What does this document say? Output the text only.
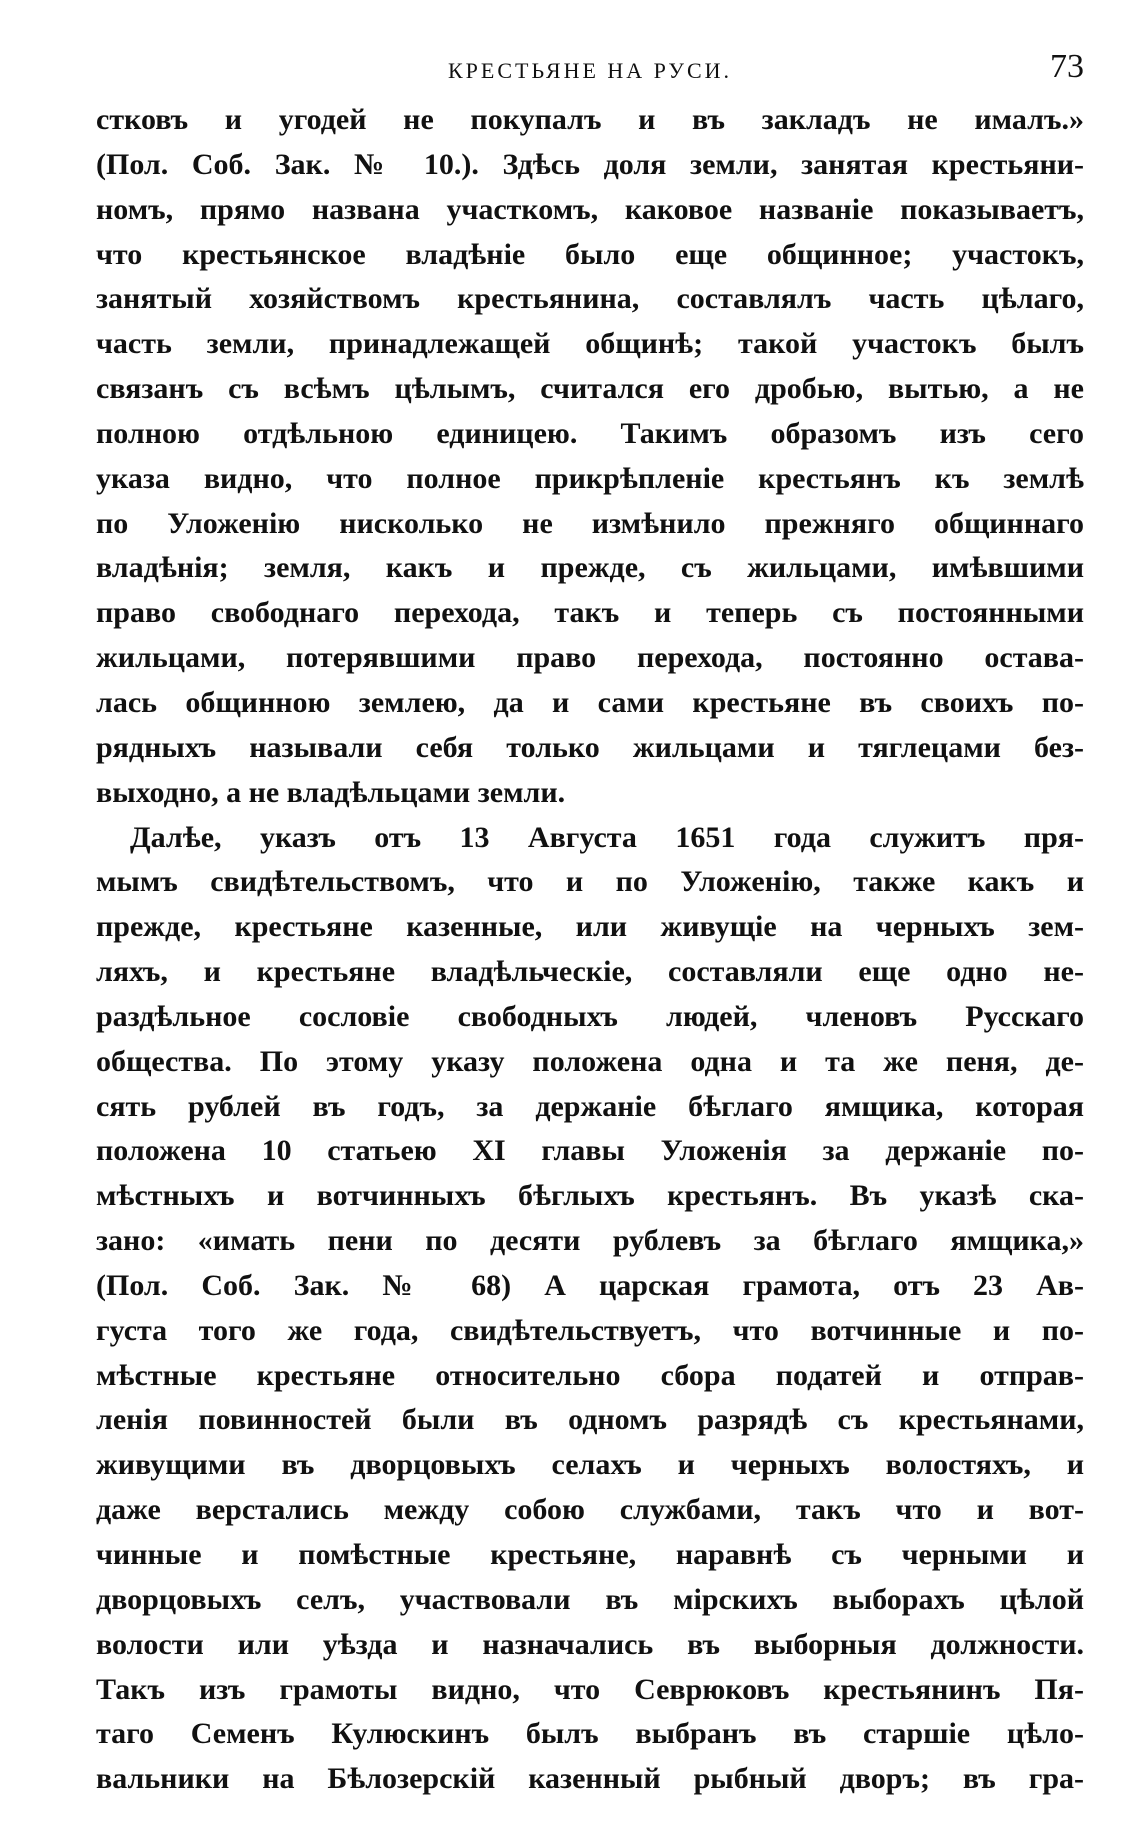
КРЕСТЬЯНЕ НА РУСИ.	73
стковъ и угодей не покупалъ и въ закладъ не ималъ.»
(Пол. Соб. Зак. № 10.). Здѣсь доля земли, занятая крестьяни-
номъ, прямо названа участкомъ, каковое названіе показываетъ,
что крестьянское владѣніе было еще общинное; участокъ,
занятый хозяйствомъ крестьянина, составлялъ часть цѣлаго,
часть земли, принадлежащей общинѣ; такой участокъ былъ
связанъ съ всѣмъ цѣлымъ, считался его дробью, вытью, а не
полною отдѣльною единицею. Такимъ образомъ изъ сего
указа видно, что полное прикрѣпленіе крестьянъ къ землѣ
по Уложенію нисколько не измѣнило прежняго общиннаго
владѣнія; земля, какъ и прежде, съ жильцами, имѣвшими
право свободнаго перехода, такъ и теперь съ постоянными
жильцами, потерявшими право перехода, постоянно остава-
лась общинною землею, да и сами крестьяне въ своихъ по-
рядныхъ называли себя только жильцами и тяглецами без-
выходно, а не владѣльцами земли.
Далѣе, указъ отъ 13 Августа 1651 года служитъ пря-
мымъ свидѣтельствомъ, что и по Уложенію, также какъ и
прежде, крестьяне казенные, или живущіе на черныхъ зем-
ляхъ, и крестьяне владѣльческіе, составляли еще одно не-
раздѣльное сословіе свободныхъ людей, членовъ Русскаго
общества. По этому указу положена одна и та же пеня, де-
сять рублей въ годъ, за держаніе бѣглаго ямщика, которая
положена 10 статьею XI главы Уложенія за держаніе по-
мѣстныхъ и вотчинныхъ бѣглыхъ крестьянъ. Въ указѣ ска-
зано: «имать пени по десяти рублевъ за бѣглаго ямщика,»
(Пол. Соб. Зак. № 68) А царская грамота, отъ 23 Ав-
густа того же года, свидѣтельствуетъ, что вотчинные и по-
мѣстные крестьяне относительно сбора податей и отправ-
ленія повинностей были въ одномъ разрядѣ съ крестьянами,
живущими въ дворцовыхъ селахъ и черныхъ волостяхъ, и
даже верстались между собою службами, такъ что и вот-
чинные и помѣстные крестьяне, наравнѣ съ черными и
дворцовыхъ селъ, участвовали въ мірскихъ выборахъ цѣлой
волости или уѣзда и назначались въ выборныя должности.
Такъ изъ грамоты видно, что Севрюковъ крестьянинъ Пя-
таго Семенъ Кулюскинъ былъ выбранъ въ старшіе цѣло-
вальники на Бѣлозерскій казенный рыбный дворъ; въ гра-
